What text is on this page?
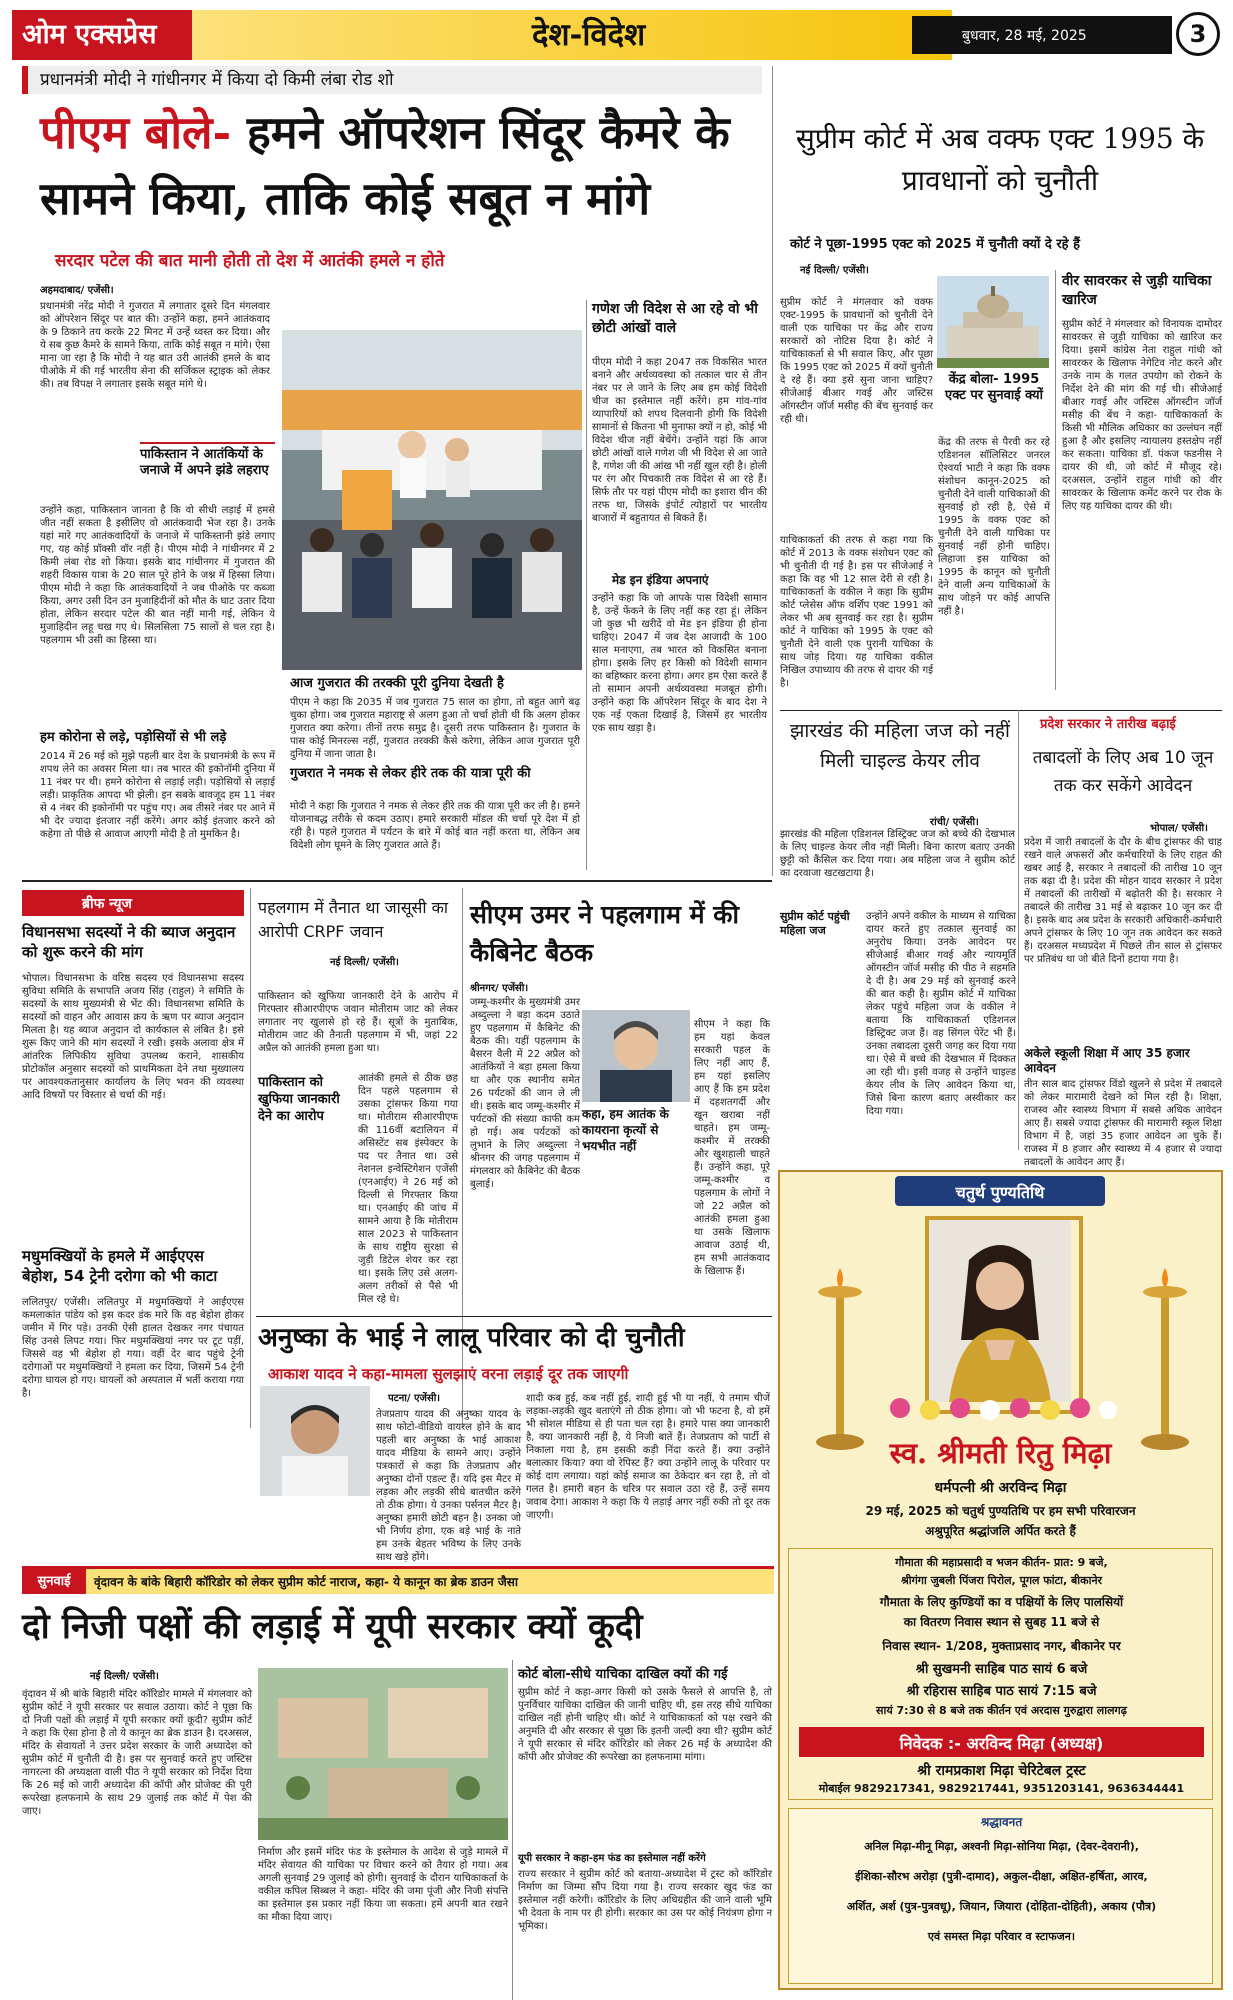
ओम एक्सप्रेस	देश-विदेश	बुधवार, 28 मई, 2025	3
प्रधानमंत्री मोदी ने गांधीनगर में किया दो किमी लंबा रोड शो
पीएम बोले- हमने ऑपरेशन सिंदूर कैमरे के सामने किया, ताकि कोई सबूत न मांगे
सरदार पटेल की बात मानी होती तो देश में आतंकी हमले न होते
अहमदाबाद/ एजेंसी।
प्रधानमंत्री नरेंद्र मोदी ने गुजरात में लगातार दूसरे दिन मंगलवार को ऑपरेशन सिंदूर पर बात की। उन्होंने कहा, हमने आतंकवाद के 9 ठिकाने तय करके 22 मिनट में उन्हें ध्वस्त कर दिया। और ये सब कुछ कैमरे के सामने किया, ताकि कोई सबूत न मांगे। ऐसा माना जा रहा है कि मोदी ने यह बात उरी आतंकी हमले के बाद पीओके में की गई भारतीय सेना की सर्जिकल स्ट्राइक को लेकर की। तब विपक्ष ने लगातार इसके सबूत मांगे थे।
पाकिस्तान ने आतंकियों के जनाजे में अपने झंडे लहराए
उन्होंने कहा, पाकिस्तान जानता है कि वो सीधी लड़ाई में हमसे जीत नहीं सकता है इसीलिए वो आतंकवादी भेज रहा है। उनके यहां मारे गए आतंकवादियों के जनाजे में पाकिस्तानी झंडे लगाए गए, यह कोई प्रॉक्सी वॉर नहीं है। पीएम मोदी ने गांधीनगर में 2 किमी लंबा रोड शो किया। इसके बाद गांधीनगर में गुजरात की शहरी विकास यात्रा के 20 साल पूरे होने के जश्न में हिस्सा लिया। पीएम मोदी ने कहा कि आतंकवादियों ने जब पीओके पर कब्जा किया, अगर उसी दिन उन मुजाहिदीनों को मौत के घाट उतार दिया होता, लेकिन सरदार पटेल की बात नहीं मानी गई, लेकिन ये मुजाहिदीन लहू चख गए थे। सिलसिला 75 सालों से चल रहा है। पहलगाम भी उसी का हिस्सा था।
हम कोरोना से लड़े, पड़ोसियों से भी लड़े
2014 में 26 मई को मुझे पहली बार देश के प्रधानमंत्री के रूप में शपथ लेने का अवसर मिला था। तब भारत की इकोनॉमी दुनिया में 11 नंबर पर थी। हमने कोरोना से लड़ाई लड़ी। पड़ोसियों से लड़ाई लड़ी। प्राकृतिक आपदा भी झेली। इन सबके बावजूद हम 11 नंबर से 4 नंबर की इकोनॉमी पर पहुंच गए। अब तीसरे नंबर पर आने में भी देर ज्यादा इंतजार नहीं करेंगे। अगर कोई इंतजार करने को कहेगा तो पीछे से आवाज आएगी मोदी है तो मुमकिन है।
आज गुजरात की तरक्की पूरी दुनिया देखती है
पीएम ने कहा कि 2035 में जब गुजरात 75 साल का होगा, तो बहुत आगे बढ़ चुका होगा। जब गुजरात महाराष्ट्र से अलग हुआ तो चर्चा होती थी कि अलग होकर गुजरात क्या करेगा। तीनों तरफ समुद्र है। दूसरी तरफ पाकिस्तान है। गुजरात के पास कोई मिनरल्स नहीं, गुजरात तरक्की कैसे करेगा, लेकिन आज गुजरात पूरी दुनिया में जाना जाता है।
गुजरात ने नमक से लेकर हीरे तक की यात्रा पूरी की
मोदी ने कहा कि गुजरात ने नमक से लेकर हीरे तक की यात्रा पूरी कर ली है। हमने योजनाबद्ध तरीके से कदम उठाए। हमारे सरकारी मॉडल की चर्चा पूरे देश में हो रही है। पहले गुजरात में पर्यटन के बारे में कोई बात नहीं करता था, लेकिन अब विदेशी लोग घूमने के लिए गुजरात आते हैं।
गणेश जी विदेश से आ रहे वो भी छोटी आंखों वाले
पीएम मोदी ने कहा 2047 तक विकसित भारत बनाने और अर्थव्यवस्था को तत्काल चार से तीन नंबर पर ले जाने के लिए अब हम कोई विदेशी चीज का इस्तेमाल नहीं करेंगे। हम गांव-गांव व्यापारियों को शपथ दिलवानी होगी कि विदेशी सामानों से कितना भी मुनाफा क्यों न हो, कोई भी विदेश चीज नहीं बेचेंगे। उन्होंने यहां कि आज छोटी आंखों वाले गणेश जी भी विदेश से आ जाते है, गणेश जी की आंख भी नहीं खुल रही है। होली पर रंग और पिचकारी तक विदेश से आ रहे हैं। सिर्फ तौर पर यहां पीएम मोदी का इशारा चीन की तरफ था, जिसके इंपोर्ट त्योहारों पर भारतीय बाजारों में बहुतायत से बिकते हैं।
मेड इन इंडिया अपनाएं
उन्होंने कहा कि जो आपके पास विदेशी सामान है, उन्हें फेंकने के लिए नहीं कह रहा हूं। लेकिन जो कुछ भी खरीदें वो मेड इन इंडिया ही होना चाहिए। 2047 में जब देश आजादी के 100 साल मनाएगा, तब भारत को विकसित बनाना होगा। इसके लिए हर किसी को विदेशी सामान का बहिष्कार करना होगा। अगर हम ऐसा करते हैं तो सामान अपनी अर्थव्यवस्था मजबूत होगी। उन्होंने कहा कि ऑपरेशन सिंदूर के बाद देश ने एक नई एकता दिखाई है, जिसमें हर भारतीय एक साथ खड़ा है।
सुप्रीम कोर्ट में अब वक्फ एक्ट 1995 के प्रावधानों को चुनौती
कोर्ट ने पूछा-1995 एक्ट को 2025 में चुनौती क्यों दे रहे हैं
नई दिल्ली/ एजेंसी।
सुप्रीम कोर्ट ने मंगलवार को वक्फ एक्ट-1995 के प्रावधानों को चुनौती देने वाली एक याचिका पर केंद्र और राज्य सरकारों को नोटिस दिया है। कोर्ट ने याचिकाकर्ता से भी सवाल किए, और पूछा कि 1995 एक्ट को 2025 में क्यों चुनौती दे रहे हैं। क्या इसे सुना जाना चाहिए? सीजेआई बीआर गवई और जस्टिस ऑगस्टीन जॉर्ज मसीह की बेंच सुनवाई कर रही थी।
याचिकाकर्ता की तरफ से कहा गया कि कोर्ट में 2013 के वक्फ संशोधन एक्ट को भी चुनौती दी गई है। इस पर सीजेआई ने कहा कि वह भी 12 साल देरी से रही है। याचिकाकर्ता के वकील ने कहा कि सुप्रीम कोर्ट प्लेसेस ऑफ वर्शिप एक्ट 1991 को लेकर भी अब सुनवाई कर रहा है। सुप्रीम कोर्ट ने याचिका को 1995 के एक्ट को चुनौती देने वाली एक पुरानी याचिका के साथ जोड़ दिया। यह याचिका वकील निखिल उपाध्याय की तरफ से दायर की गई है।
केंद्र बोला- 1995 एक्ट पर सुनवाई क्यों
केंद्र की तरफ से पैरवी कर रहे एडिशनल सॉलिसिटर जनरल ऐश्वर्या भाटी ने कहा कि वक्फ संशोधन कानून-2025 को चुनौती देने वाली याचिकाओं की सुनवाई हो रही है, ऐसे में 1995 के वक्फ एक्ट को चुनौती देने वाली याचिका पर सुनवाई नहीं होनी चाहिए। लिहाजा इस याचिका को 1995 के कानून को चुनौती देने वाली अन्य याचिकाओं के साथ जोड़ने पर कोई आपत्ति नहीं है।
वीर सावरकर से जुड़ी याचिका खारिज
सुप्रीम कोर्ट ने मंगलवार को विनायक दामोदर सावरकर से जुड़ी याचिका को खारिज कर दिया। इसमें कांग्रेस नेता राहुल गांधी को सावरकर के खिलाफ नेगेटिव नोट करने और उनके नाम के गलत उपयोग को रोकने के निर्देश देने की मांग की गई थी। सीजेआई बीआर गवई और जस्टिस ऑगस्टीन जॉर्ज मसीह की बेंच ने कहा- याचिकाकर्ता के किसी भी मौलिक अधिकार का उल्लंघन नहीं हुआ है और इसलिए न्यायालय हस्तक्षेप नहीं कर सकता। याचिका डॉ. पंकज फडनीस ने दायर की थी, जो कोर्ट में मौजूद रहे। दरअसल, उन्होंने राहुल गांधी को वीर सावरकर के खिलाफ कमेंट करने पर रोक के लिए यह याचिका दायर की थी।
झारखंड की महिला जज को नहीं मिली चाइल्ड केयर लीव
रांची/ एजेंसी।
झारखंड की महिला एडिशनल डिस्ट्रिक्ट जज को बच्चे की देखभाल के लिए चाइल्ड केयर लीव नहीं मिली। बिना कारण बताए उनकी छुट्टी को कैंसिल कर दिया गया। अब महिला जज ने सुप्रीम कोर्ट का दरवाजा खटखटाया है।
सुप्रीम कोर्ट पहुंची महिला जज
उन्होंने अपने वकील के माध्यम से याचिका दायर करते हुए तत्काल सुनवाई का अनुरोध किया। उनके आवेदन पर सीजेआई बीआर गवई और न्यायमूर्ति ऑगस्टीन जॉर्ज मसीह की पीठ ने सहमति दे दी है। अब 29 मई को सुनवाई करने की बात कही है। सुप्रीम कोर्ट में याचिका लेकर पहुंचे महिला जज के वकील ने बताया कि याचिकाकर्ता एडिशनल डिस्ट्रिक्ट जज हैं। वह सिंगल पेरेंट भी हैं। उनका तबादला दूसरी जगह कर दिया गया था। ऐसे में बच्चे की देखभाल में दिक्कत आ रही थी। इसी वजह से उन्होंने चाइल्ड केयर लीव के लिए आवेदन किया था, जिसे बिना कारण बताए अस्वीकार कर दिया गया।
प्रदेश सरकार ने तारीख बढ़ाई
तबादलों के लिए अब 10 जून तक कर सकेंगे आवेदन
भोपाल/ एजेंसी।
प्रदेश में जारी तबादलों के दौर के बीच ट्रांसफर की चाह रखने वाले अफसरों और कर्मचारियों के लिए राहत की खबर आई है, सरकार ने तबादलों की तारीख 10 जून तक बढ़ा दी है। प्रदेश की मोहन यादव सरकार ने प्रदेश में तबादलों की तारीखों में बढ़ोतरी की है। सरकार ने तबादले की तारीख 31 मई से बढ़ाकर 10 जून कर दी है। इसके बाद अब प्रदेश के सरकारी अधिकारी-कर्मचारी अपने ट्रांसफर के लिए 10 जून तक आवेदन कर सकते हैं। दरअसल मध्यप्रदेश में पिछले तीन साल से ट्रांसफर पर प्रतिबंध था जो बीते दिनों हटाया गया है।
अकेले स्कूली शिक्षा में आए 35 हजार आवेदन
तीन साल बाद ट्रांसफर विंडो खुलने से प्रदेश में तबादले को लेकर मारामारी देखने को मिल रही है। शिक्षा, राजस्व और स्वास्थ्य विभाग में सबसे अधिक आवेदन आए हैं। सबसे ज्यादा ट्रांसफर की मारामारी स्कूल शिक्षा विभाग में है, जहां 35 हजार आवेदन आ चुके हैं। राजस्व में 8 हजार और स्वास्थ्य में 4 हजार से ज्यादा तबादलों के आवेदन आए हैं।
ब्रीफ न्यूज
विधानसभा सदस्यों ने की ब्याज अनुदान को शुरू करने की मांग
भोपाल। विधानसभा के वरिष्ठ सदस्य एवं विधानसभा सदस्य सुविधा समिति के सभापति अजय सिंह (राहुल) ने समिति के सदस्यों के साथ मुख्यमंत्री से भेंट की। विधानसभा समिति के सदस्यों को वाहन और आवास क्रय के ऋण पर ब्याज अनुदान मिलता है। यह ब्याज अनुदान दो कार्यकाल से लंबित है। इसे शुरू किए जाने की मांग सदस्यों ने रखी। इसके अलावा क्षेत्र में आंतरिक लिपिकीय सुविधा उपलब्ध कराने, शासकीय प्रोटोकॉल अनुसार सदस्यों को प्राथमिकता देने तथा मुख्यालय पर आवश्यकतानुसार कार्यालय के लिए भवन की व्यवस्था आदि विषयों पर विस्तार से चर्चा की गई।
मधुमक्खियों के हमले में आईएएस बेहोश, 54 ट्रेनी दरोगा को भी काटा
ललितपुर/ एजेंसी। ललितपुर में मधुमक्खियों ने आईएएस कमलाकांत पांडेय को इस कदर डंक मारे कि वह बेहोश होकर जमीन में गिर पड़े। उनकी ऐसी हालत देखकर नगर पंचायत सिंह उनसे लिपट गया। फिर मधुमक्खियां नगर पर टूट पड़ीं, जिससे वह भी बेहोश हो गया। वहीं देर बाद पहुंचे ट्रेनी दरोगाओं पर मधुमक्खियों ने हमला कर दिया, जिसमें 54 ट्रेनी दरोगा घायल हो गए। घायलों को अस्पताल में भर्ती कराया गया है।
पहलगाम में तैनात था जासूसी का आरोपी CRPF जवान
नई दिल्ली/ एजेंसी।
पाकिस्तान को खुफिया जानकारी देने के आरोप में गिरफ्तार सीआरपीएफ जवान मोतीराम जाट को लेकर लगातार नए खुलासे हो रहे हैं। सूत्रों के मुताबिक, मोतीराम जाट की तैनाती पहलगाम में भी, जहां 22 अप्रैल को आतंकी हमला हुआ था।
पाकिस्तान को खुफिया जानकारी देने का आरोप
आतंकी हमले से ठीक छह दिन पहले पहलगाम से उसका ट्रांसफर किया गया था। मोतीराम सीआरपीएफ की 116वीं बटालियन में असिस्टेंट सब इंस्पेक्टर के पद पर तैनात था। उसे नेशनल इन्वेस्टिगेशन एजेंसी (एनआईए) ने 26 मई को दिल्ली से गिरफ्तार किया था। एनआईए की जांच में सामने आया है कि मोतीराम साल 2023 से पाकिस्तान के साथ राष्ट्रीय सुरक्षा से जुड़ी डिटेल शेयर कर रहा था। इसके लिए उसे अलग-अलग तरीकों से पैसे भी मिल रहे थे।
सीएम उमर ने पहलगाम में की कैबिनेट बैठक
श्रीनगर/ एजेंसी।
जम्मू-कश्मीर के मुख्यमंत्री उमर अब्दुल्ला ने बड़ा कदम उठाते हुए पहलगाम में कैबिनेट की बैठक की। यहीं पहलगाम के बैसरन वैली में 22 अप्रैल को आतंकियों ने बड़ा हमला किया था और एक स्थानीय समेत 26 पर्यटकों की जान ले ली थी। इसके बाद जम्मू-कश्मीर में पर्यटकों की संख्या काफी कम हो गई। अब पर्यटकों को लुभाने के लिए अब्दुल्ला ने श्रीनगर की जगह पहलगाम में मंगलवार को कैबिनेट की बैठक बुलाई।
कहा, हम आतंक के कायराना कृत्यों से भयभीत नहीं
सीएम ने कहा कि हम यहां केवल सरकारी पहल के लिए नहीं आए हैं, हम यहां इसलिए आए हैं कि हम प्रदेश में दहशतगर्दी और खून खराबा नहीं चाहते। हम जम्मू-कश्मीर में तरक्की और खुशहाली चाहते हैं। उन्होंने कहा, पूरे जम्मू-कश्मीर व पहलगाम के लोगों ने जो 22 अप्रैल को आतंकी हमला हुआ था उसके खिलाफ आवाज उठाई थी, हम सभी आतंकवाद के खिलाफ हैं।
अनुष्का के भाई ने लालू परिवार को दी चुनौती
आकाश यादव ने कहा-मामला सुलझाएं वरना लड़ाई दूर तक जाएगी
पटना/ एजेंसी।
तेजप्रताप यादव की अनुष्का यादव के साथ फोटो-वीडियो वायरल होने के बाद पहली बार अनुष्का के भाई आकाश यादव मीडिया के सामने आए। उन्होंने पत्रकारों से कहा कि तेजप्रताप और अनुष्का दोनों एडल्ट हैं। यदि इस मैटर में लड़का और लड़की सीधे बातचीत करेंगे तो ठीक होगा। ये उनका पर्सनल मैटर है। अनुष्का हमारी छोटी बहन है। उनका जो भी निर्णय होगा, एक बड़े भाई के नाते हम उनके बेहतर भविष्य के लिए उनके साथ खड़े होंगे।
शादी कब हुई, कब नहीं हुई, शादी हुई भी या नहीं, ये तमाम चीजें लड़का-लड़की खुद बताएंगे तो ठीक होगा। जो भी फटना है, वो हमें भी सोशल मीडिया से ही पता चल रहा है। हमारे पास क्या जानकारी है, क्या जानकारी नहीं है, ये निजी बातें हैं। तेजप्रताप को पार्टी से निकाला गया है, हम इसकी कड़ी निंदा करते हैं। क्या उन्होंने बलात्कार किया? क्या वो रेपिस्ट हैं? क्या उन्होंने लालू के परिवार पर कोई दाग लगाया। यहां कोई समाज का ठेकेदार बन रहा है, तो वो गलत है। हमारी बहन के चरित्र पर सवाल उठा रहे हैं, उन्हें समय जवाब देगा। आकाश ने कहा कि ये लड़ाई अगर नहीं रुकी तो दूर तक जाएगी।
सुनवाई	वृंदावन के बांके बिहारी कॉरिडोर को लेकर सुप्रीम कोर्ट नाराज, कहा- ये कानून का ब्रेक डाउन जैसा
दो निजी पक्षों की लड़ाई में यूपी सरकार क्यों कूदी
नई दिल्ली/ एजेंसी।
वृंदावन में श्री बांके बिहारी मंदिर कॉरिडोर मामले में मंगलवार को सुप्रीम कोर्ट ने यूपी सरकार पर सवाल उठाया। कोर्ट ने पूछा कि दो निजी पक्षों की लड़ाई में यूपी सरकार क्यों कूदी? सुप्रीम कोर्ट ने कहा कि ऐसा होना है तो ये कानून का ब्रेक डाउन है। दरअसल, मंदिर के सेवायतों ने उत्तर प्रदेश सरकार के जारी अध्यादेश को सुप्रीम कोर्ट में चुनौती दी है। इस पर सुनवाई करते हुए जस्टिस नागरत्ना की अध्यक्षता वाली पीठ ने यूपी सरकार को निर्देश दिया कि 26 मई को जारी अध्यादेश की कॉपी और प्रोजेक्ट की पूरी रूपरेखा हलफनामे के साथ 29 जुलाई तक कोर्ट में पेश की जाए।
निर्माण और इसमें मंदिर फंड के इस्तेमाल के आदेश से जुड़े मामले में मंदिर सेवायत की याचिका पर विचार करने को तैयार हो गया। अब अगली सुनवाई 29 जुलाई को होगी। सुनवाई के दौरान याचिकाकर्ता के वकील कपिल सिब्बल ने कहा- मंदिर की जमा पूंजी और निजी संपत्ति का इस्तेमाल इस प्रकार नहीं किया जा सकता। हमें अपनी बात रखने का मौका दिया जाए।
कोर्ट बोला-सीधे याचिका दाखिल क्यों की गई
सुप्रीम कोर्ट ने कहा-अगर किसी को उसके फैसले से आपत्ति है, तो पुनर्विचार याचिका दाखिल की जानी चाहिए थी, इस तरह सीधे याचिका दाखिल नहीं होनी चाहिए थी। कोर्ट ने याचिकाकर्ता को पक्ष रखने की अनुमति दी और सरकार से पूछा कि इतनी जल्दी क्या थी? सुप्रीम कोर्ट ने यूपी सरकार से मंदिर कॉरिडोर को लेकर 26 मई के अध्यादेश की कॉपी और प्रोजेक्ट की रूपरेखा का हलफनामा मांगा।
यूपी सरकार ने कहा-हम फंड का इस्तेमाल नहीं करेंगे
राज्य सरकार ने सुप्रीम कोर्ट को बताया-अध्यादेश में ट्रस्ट को कॉरिडोर निर्माण का जिम्मा सौंप दिया गया है। राज्य सरकार खुद फंड का इस्तेमाल नहीं करेगी। कॉरिडोर के लिए अधिग्रहीत की जाने वाली भूमि भी देवता के नाम पर ही होगी। सरकार का उस पर कोई नियंत्रण होगा न भूमिका।
चतुर्थ पुण्यतिथि
स्व. श्रीमती रितु मिढ़ा
धर्मपत्नी श्री अरविन्द मिढ़ा
29 मई, 2025 को चतुर्थ पुण्यतिथि पर हम सभी परिवारजन
अश्रुपूरित श्रद्धांजलि अर्पित करते हैं
गौमाता की महाप्रसादी व भजन कीर्तन- प्रात: 9 बजे,
श्रीगंगा जुबली पिंजरा पिरोल, पूगल फांटा, बीकानेर
गौमाता के लिए कुण्डियों का व पक्षियों के लिए पालसियों
का वितरण निवास स्थान से सुबह 11 बजे से
निवास स्थान- 1/208, मुक्ताप्रसाद नगर, बीकानेर पर
श्री सुखमनी साहिब पाठ सायं 6 बजे
श्री रहिरास साहिब पाठ सायं 7:15 बजे
सायं 7:30 से 8 बजे तक कीर्तन एवं अरदास गुरुद्वारा लालगढ़
निवेदक :- अरविन्द मिढ़ा (अध्यक्ष)
श्री रामप्रकाश मिढ़ा चेरिटेबल ट्रस्ट
मोबाईल 9829217341, 9829217441, 9351203141, 9636344441
श्रद्धावनत
अनिल मिढ़ा-मीनू मिढ़ा, अश्वनी मिढ़ा-सोनिया मिढ़ा, (देवर-देवरानी),
ईशिका-सौरभ अरोड़ा (पुत्री-दामाद), अकुल-दीक्षा, अक्षित-हर्षिता, आरव,
अर्शित, अर्श (पुत्र-पुत्रवधू), जियान, जियारा (दोहिता-दोहिती), अकाय (पौत्र)
एवं समस्त मिढ़ा परिवार व स्टाफजन।
